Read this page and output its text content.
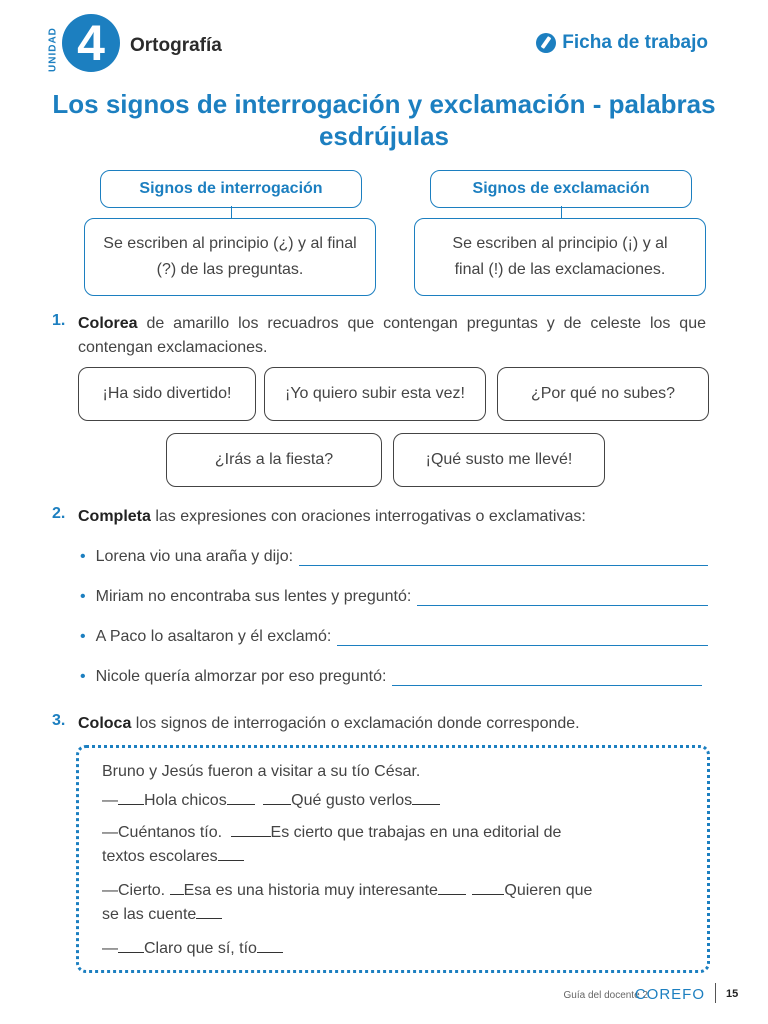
UNIDAD 4	Ortografía	Ficha de trabajo
Los signos de interrogación y exclamación - palabras esdrújulas
Signos de interrogación
Se escriben al principio (¿) y al final (?) de las preguntas.
Signos de exclamación
Se escriben al principio (¡) y al final (!) de las exclamaciones.
1. Colorea de amarillo los recuadros que contengan preguntas y de celeste los que contengan exclamaciones.
¡Ha sido divertido!	¡Yo quiero subir esta vez!	¿Por qué no subes?
¿Irás a la fiesta?	¡Qué susto me llevé!
2. Completa las expresiones con oraciones interrogativas o exclamativas:
• Lorena vio una araña y dijo:
• Miriam no encontraba sus lentes y preguntó:
• A Paco lo asaltaron y él exclamó:
• Nicole quería almorzar por eso preguntó:
3. Coloca los signos de interrogación o exclamación donde corresponde.
Bruno y Jesús fueron a visitar a su tío César.
— Hola chicos	Qué gusto verlos
—Cuéntanos tío.	Es cierto que trabajas en una editorial de
textos escolares
—Cierto. Esa es una historia muy interesante	Quieren que
se las cuente
— Claro que sí, tío
Guía del docente 2
COREFO 15
